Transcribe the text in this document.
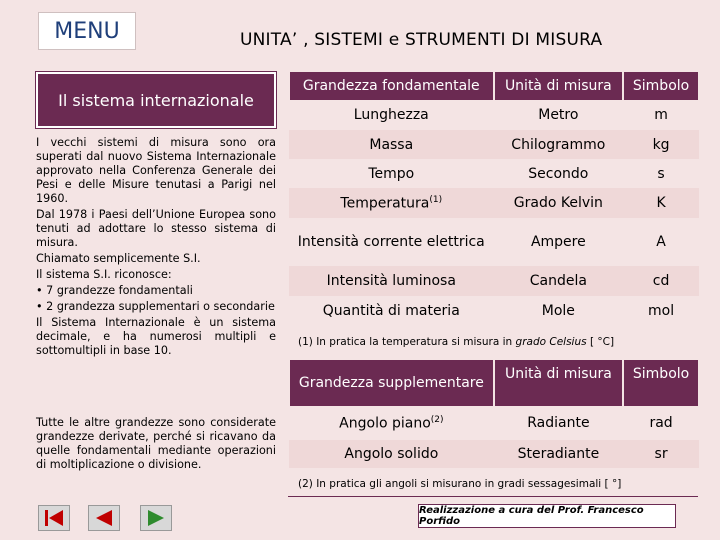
MENU	UNITA’ , SISTEMI e STRUMENTI DI MISURA
Il sistema internazionale

I vecchi sistemi di misura sono ora superati dal nuovo Sistema Internazionale approvato nella Conferenza Generale dei Pesi e delle Misure tenutasi a Parigi nel 1960.

Dal 1978 i Paesi dell’Unione Europea sono tenuti ad adottare lo stesso sistema di misura.

Chiamato semplicemente S.I.

Il sistema S.I. riconosce:

• 7 grandezze fondamentali

• 2 grandezza supplementari o secondarie

Il Sistema Internazionale è un sistema decimale, e ha numerosi multipli e sottomultipli in base 10.

Tutte le altre grandezze sono considerate grandezze derivate, perché si ricavano da quelle fondamentali mediante operazioni di moltiplicazione o divisione.
Grandezza fondamentale	Unità di misura	Simbolo
Lunghezza	Metro	m
Massa	Chilogrammo	kg
Tempo	Secondo	s
Temperatura$^{(1)}$	Grado Kelvin	K
Intensità corrente elettrica	Ampere	A
Intensità luminosa	Candela	cd
Quantità di materia	Mole	mol
(1) In pratica la temperatura si misura in grado Celsius [ °C]
Grandezza supplementare	Unità di misura	Simbolo
Angolo piano$^{(2)}$	Radiante	rad
Angolo solido	Steradiante	sr
(2) In pratica gli angoli si misurano in gradi sessagesimali [ °]
Realizzazione a cura del Prof. Francesco Porfido
